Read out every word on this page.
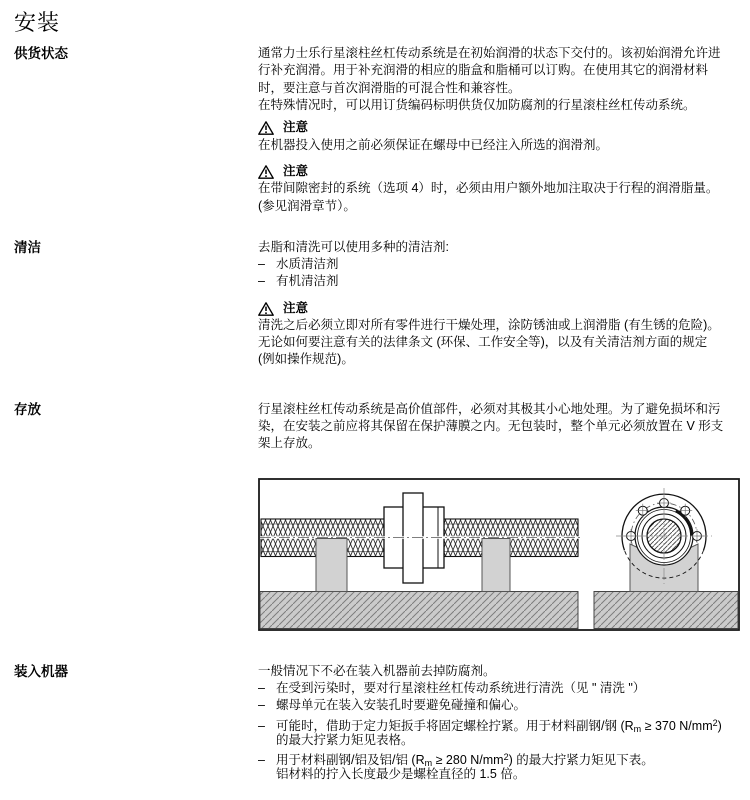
安装
供货状态
清洁
存放
装入机器
通常力士乐行星滚柱丝杠传动系统是在初始润滑的状态下交付的。该初始润滑允许进
行补充润滑。用于补充润滑的相应的脂盒和脂桶可以订购。在使用其它的润滑材料
时，要注意与首次润滑脂的可混合性和兼容性。
在特殊情况时，可以用订货编码标明供货仅加防腐剂的行星滚柱丝杠传动系统。
注意
在机器投入使用之前必须保证在螺母中已经注入所选的润滑剂。
注意
在带间隙密封的系统（选项 4）时，必须由用户额外地加注取决于行程的润滑脂量。
(参见润滑章节）。
去脂和清洗可以使用多种的清洁剂:
– 水质清洁剂
– 有机清洁剂
注意
清洗之后必须立即对所有零件进行干燥处理，涂防锈油或上润滑脂 (有生锈的危险)。
无论如何要注意有关的法律条文 (环保、工作安全等)，以及有关清洁剂方面的规定
(例如操作规范)。
行星滚柱丝杠传动系统是高价值部件，必须对其极其小心地处理。为了避免损坏和污
染，在安装之前应将其保留在保护薄膜之内。无包装时，整个单元必须放置在 V 形支
架上存放。
一般情况下不必在装入机器前去掉防腐剂。
– 在受到污染时，要对行星滚柱丝杠传动系统进行清洗（见 " 清洗 "）
– 螺母单元在装入安装孔时要避免碰撞和偏心。
– 可能时，借助于定力矩扳手将固定螺栓拧紧。用于材料副钢/钢 ($R_m \ge 370$ $N/mm^2$)
的最大拧紧力矩见表格。
– 用于材料副钢/铝及铝/铝 ($R_m \ge 280$ $N/mm^2$) 的最大拧紧力矩见下表。
铝材料的拧入长度最少是螺栓直径的 1.5 倍。
